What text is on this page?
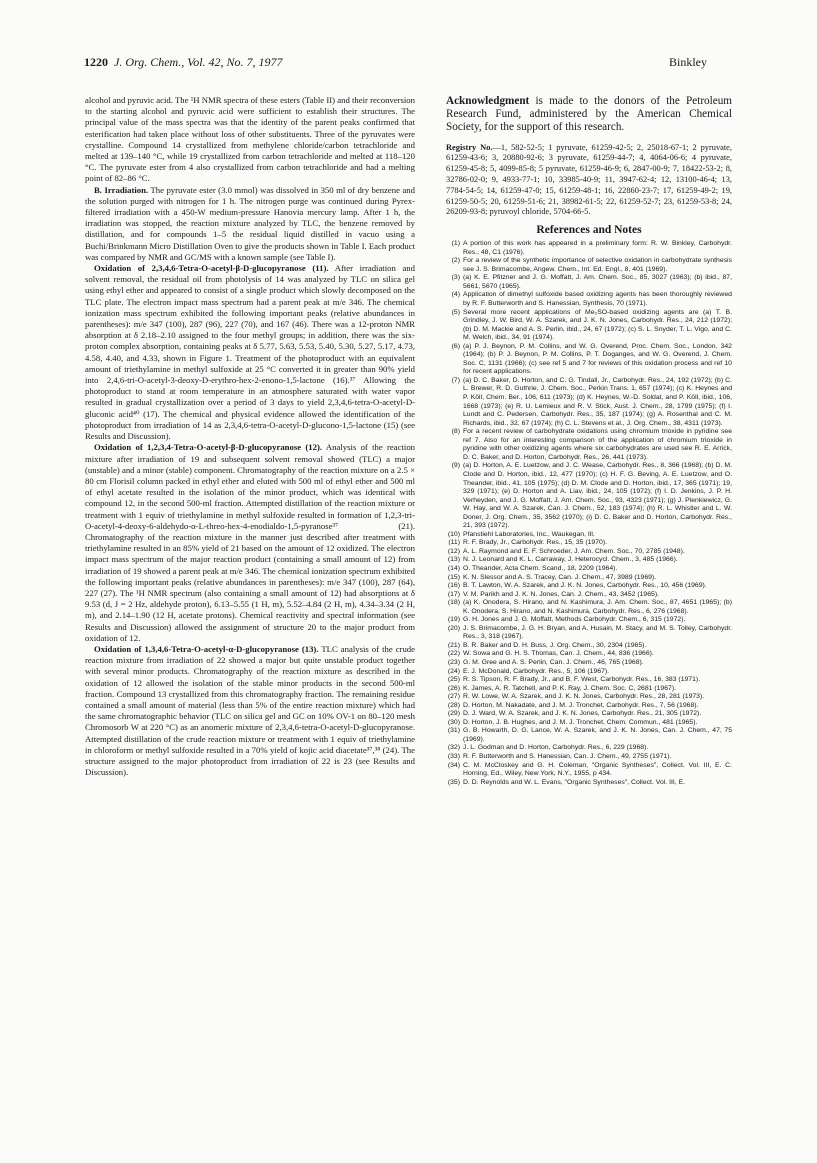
1220 J. Org. Chem., Vol. 42, No. 7, 1977	Binkley

alcohol and pyruvic acid. The ¹H NMR spectra of these esters (Table II) and their reconversion to the starting alcohol and pyruvic acid were sufficient to establish their structures. The principal value of the mass spectra was that the identity of the parent peaks confirmed that esterification had taken place without loss of other substituents. Three of the pyruvates were crystalline. Compound 14 crystallized from methylene chloride/carbon tetrachloride and melted at 139–140 °C, while 19 crystallized from carbon tetrachloride and melted at 118–120 °C. The pyruvate ester from 4 also crystallized from carbon tetrachloride and had a melting point of 82–86 °C.

B. Irradiation. The pyruvate ester (3.0 mmol) was dissolved in 350 ml of dry benzene and the solution purged with nitrogen for 1 h. The nitrogen purge was continued during Pyrex-filtered irradiation with a 450-W medium-pressure Hanovia mercury lamp. After 1 h, the irradiation was stopped, the reaction mixture analyzed by TLC, the benzene removed by distillation, and for compounds 1–5 the residual liquid distilled in vacuo using a Buchi/Brinkmann Micro Distillation Oven to give the products shown in Table I. Each product was compared by NMR and GC/MS with a known sample (see Table I).

Oxidation of 2,3,4,6-Tetra-O-acetyl-β-D-glucopyranose (11). After irradiation and solvent removal, the residual oil from photolysis of 14 was analyzed by TLC on silica gel using ethyl ether and appeared to consist of a single product which slowly decomposed on the TLC plate. The electron impact mass spectrum had a parent peak at m/e 346. The chemical ionization mass spectrum exhibited the following important peaks (relative abundances in parentheses): m/e 347 (100), 287 (96), 227 (70), and 167 (46). There was a 12-proton NMR absorption at δ 2.18–2.10 assigned to the four methyl groups; in addition, there was the six-proton complex absorption, containing peaks at δ 5.77, 5.63, 5.53, 5.40, 5.30, 5.27, 5.17, 4.73, 4.58, 4.40, and 4.33, shown in Figure 1. Treatment of the photoproduct with an equivalent amount of triethylamine in methyl sulfoxide at 25 °C converted it in greater than 90% yield into 2,4,6-tri-O-acetyl-3-deoxy-D-erythro-hex-2-enono-1,5-lactone (16).³⁷ Allowing the photoproduct to stand at room temperature in an atmosphere saturated with water vapor resulted in gradual crystallization over a period of 3 days to yield 2,3,4,6-tetra-O-acetyl-D-gluconic acid⁴⁰ (17). The chemical and physical evidence allowed the identification of the photoproduct from irradiation of 14 as 2,3,4,6-tetra-O-acetyl-D-glucono-1,5-lactone (15) (see Results and Discussion).

Oxidation of 1,2,3,4-Tetra-O-acetyl-β-D-glucopyranose (12). Analysis of the reaction mixture after irradiation of 19 and subsequent solvent removal showed (TLC) a major (unstable) and a minor (stable) component. Chromatography of the reaction mixture on a 2.5 × 80 cm Florisil column packed in ethyl ether and eluted with 500 ml of ethyl ether and 500 ml of ethyl acetate resulted in the isolation of the minor product, which was identical with compound 12, in the second 500-ml fraction. Attempted distillation of the reaction mixture or treatment with 1 equiv of triethylamine in methyl sulfoxide resulted in formation of 1,2,3-tri-O-acetyl-4-deoxy-6-aldehydo-α-L-threo-hex-4-enodialdo-1,5-pyranose³⁷ (21). Chromatography of the reaction mixture in the manner just described after treatment with triethylamine resulted in an 85% yield of 21 based on the amount of 12 oxidized. The electron impact mass spectrum of the major reaction product (containing a small amount of 12) from irradiation of 19 showed a parent peak at m/e 346. The chemical ionization spectrum exhibited the following important peaks (relative abundances in parentheses): m/e 347 (100), 287 (64), 227 (27). The ¹H NMR spectrum (also containing a small amount of 12) had absorptions at δ 9.53 (d, J = 2 Hz, aldehyde proton), 6.13–5.55 (1 H, m), 5.52–4.84 (2 H, m), 4.34–3.34 (2 H, m), and 2.14–1.90 (12 H, acetate protons). Chemical reactivity and spectral information (see Results and Discussion) allowed the assignment of structure 20 to the major product from oxidation of 12.

Oxidation of 1,3,4,6-Tetra-O-acetyl-α-D-glucopyranose (13). TLC analysis of the crude reaction mixture from irradiation of 22 showed a major but quite unstable product together with several minor products. Chromatography of the reaction mixture as described in the oxidation of 12 allowed the isolation of the stable minor products in the second 500-ml fraction. Compound 13 crystallized from this chromatography fraction. The remaining residue contained a small amount of material (less than 5% of the entire reaction mixture) which had the same chromatographic behavior (TLC on silica gel and GC on 10% OV-1 on 80–120 mesh Chromosorb W at 220 °C) as an anomeric mixture of 2,3,4,6-tetra-O-acetyl-D-glucopyranose. Attempted distillation of the crude reaction mixture or treatment with 1 equiv of triethylamine in chloroform or methyl sulfoxide resulted in a 70% yield of kojic acid diacetate³⁷,³⁸ (24). The structure assigned to the major photoproduct from irradiation of 22 is 23 (see Results and Discussion).

Acknowledgment is made to the donors of the Petroleum Research Fund, administered by the American Chemical Society, for the support of this research.

Registry No.—1, 582-52-5; 1 pyruvate, 61259-42-5; 2, 25018-67-1; 2 pyruvate, 61259-43-6; 3, 20880-92-6; 3 pyruvate, 61259-44-7; 4, 4064-06-6; 4 pyruvate, 61259-45-8; 5, 4099-85-8; 5 pyruvate, 61259-46-9; 6, 2847-00-9; 7, 18422-53-2; 8, 32786-02-0; 9, 4933-77-1; 10, 33985-40-9; 11, 3947-62-4; 12, 13100-46-4; 13, 7784-54-5; 14, 61259-47-0; 15, 61259-48-1; 16, 22860-23-7; 17, 61259-49-2; 19, 61259-50-5; 20, 61259-51-6; 21, 38982-61-5; 22, 61259-52-7; 23, 61259-53-8; 24, 26209-93-8; pyruvoyl chloride, 5704-66-5.

References and Notes
(1) A portion of this work has appeared in a preliminary form: R. W. Binkley, Carbohydr. Res., 48, C1 (1976).
(2) For a review of the synthetic importance of selective oxidation in carbohydrate synthesis see J. S. Brimacombe, Angew. Chem., Int. Ed. Engl., 8, 401 (1969).
(3) (a) K. E. Pfitzner and J. G. Moffatt, J. Am. Chem. Soc., 85, 3027 (1963); (b) ibid., 87, 5661, 5670 (1965).
(4) Application of dimethyl sulfoxide based oxidizing agents has been thoroughly reviewed by R. F. Butterworth and S. Hanessian, Synthesis, 70 (1971).
(5) Several more recent applications of Me₂SO-based oxidizing agents are (a) T. B. Grindley, J. W. Bird, W. A. Szarek, and J. K. N. Jones, Carbohydr. Res., 24, 212 (1972); (b) D. M. Mackie and A. S. Perlin, ibid., 24, 67 (1972); (c) S. L. Snyder, T. L. Vigo, and C. M. Welch, ibid., 34, 91 (1974).
(6) (a) P. J. Beynon, P. M. Collins, and W. G. Overend, Proc. Chem. Soc., London, 342 (1964); (b) P. J. Beynon, P. M. Collins, P. T. Doganges, and W. G. Overend, J. Chem. Soc. C, 1131 (1966); (c) see ref 5 and 7 for reviews of this oxidation process and ref 10 for recent applications.
(7) (a) D. C. Baker, D. Horton, and C. G. Tindall, Jr., Carbohydr. Res., 24, 192 (1972); (b) C. L. Brewer, R. D. Guthrie, J. Chem. Soc., Perkin Trans. 1, 657 (1974); (c) K. Heynes and P. Köll, Chem. Ber., 106, 611 (1973); (d) K. Heynes, W.-D. Soldat, and P. Köll, ibid., 106, 1668 (1973); (e) R. U. Lemieux and R. V. Stick, Aust. J. Chem., 28, 1799 (1975); (f) I. Lundt and C. Pedersen, Carbohydr. Res., 35, 187 (1974); (g) A. Rosenthal and C. M. Richards, ibid., 32, 67 (1974); (h) C. L. Stevens et al., J. Org. Chem., 38, 4311 (1973).
(8) For a recent review of carbohydrate oxidations using chromium trioxide in pyridine see ref 7. Also for an interesting comparison of the application of chromium trioxide in pyridine with other oxidizing agents where six carbohydrates are used see R. E. Arrick, D. C. Baker, and D. Horton, Carbohydr. Res., 26, 441 (1973).
(9) (a) D. Horton, A. E. Luetzow, and J. C. Wease, Carbohydr. Res., 8, 366 (1968); (b) D. M. Clode and D. Horton, ibid., 12, 477 (1970); (c) H. F. G. Beving, A. E. Luetzow, and O. Theander, ibid., 41, 105 (1975); (d) D. M. Clode and D. Horton, ibid., 17, 365 (1971); 19, 329 (1971); (e) D. Horton and A. Liav, ibid., 24, 105 (1972); (f) I. D. Jenkins, J. P. H. Verheyden, and J. G. Moffatt, J. Am. Chem. Soc., 93, 4323 (1971); (g) J. Plenkiewicz, G. W. Hay, and W. A. Szarek, Can. J. Chem., 52, 183 (1974); (h) R. L. Whistler and L. W. Doner, J. Org. Chem., 35, 3562 (1970); (i) D. C. Baker and D. Horton, Carbohydr. Res., 21, 393 (1972).
(10) Pfanstiehl Laboratories, Inc., Waukegan, Ill.
(11) R. F. Brady, Jr., Carbohydr. Res., 15, 35 (1970).
(12) A. L. Raymond and E. F. Schroeder, J. Am. Chem. Soc., 70, 2785 (1948).
(13) N. J. Leonard and K. L. Carraway, J. Heterocycl. Chem., 3, 485 (1966).
(14) O. Theander, Acta Chem. Scand., 18, 2209 (1964).
(15) K. N. Slessor and A. S. Tracey, Can. J. Chem., 47, 3989 (1969).
(16) B. T. Lawton, W. A. Szarek, and J. K. N. Jones, Carbohydr. Res., 10, 456 (1969).
(17) V. M. Parikh and J. K. N. Jones, Can. J. Chem., 43, 3452 (1965).
(18) (a) K. Onodera, S. Hirano, and N. Kashimura, J. Am. Chem. Soc., 87, 4651 (1965); (b) K. Onodera, S. Hirano, and N. Kashimura, Carbohydr. Res., 6, 276 (1968).
(19) G. H. Jones and J. G. Moffatt, Methods Carbohydr. Chem., 6, 315 (1972).
(20) J. S. Brimacombe, J. G. H. Bryan, and A. Husain, M. Stacy, and M. S. Tolley, Carbohydr. Res., 3, 318 (1967).
(21) B. R. Baker and D. H. Buss, J. Org. Chem., 30, 2304 (1965).
(22) W. Sowa and G. H. S. Thomas, Can. J. Chem., 44, 836 (1966).
(23) G. M. Gree and A. S. Perlin, Can. J. Chem., 46, 765 (1968).
(24) E. J. McDonald, Carbohydr. Res., 5, 106 (1967).
(25) R. S. Tipson, R. F. Brady, Jr., and B. F. West, Carbohydr. Res., 16, 383 (1971).
(26) K. James, A. R. Tatchell, and P. K. Ray, J. Chem. Soc. C, 2681 (1967).
(27) R. W. Lowe, W. A. Szarek, and J. K. N. Jones, Carbohydr. Res., 28, 281 (1973).
(28) D. Horton, M. Nakadate, and J. M. J. Tronchet, Carbohydr. Res., 7, 56 (1968).
(29) D. J. Ward, W. A. Szarek, and J. K. N. Jones, Carbohydr. Res., 21, 305 (1972).
(30) D. Horton, J. B. Hughes, and J. M. J. Tronchet, Chem. Commun., 481 (1965).
(31) G. B. Howarth, D. G. Lance, W. A. Szarek, and J. K. N. Jones, Can. J. Chem., 47, 75 (1969).
(32) J. L. Godman and D. Horton, Carbohydr. Res., 6, 229 (1968).
(33) R. F. Butterworth and S. Hanessian, Can. J. Chem., 49, 2755 (1971).
(34) C. M. McCloskey and G. H. Coleman, "Organic Syntheses", Collect. Vol. III, E. C. Horning, Ed., Wiley, New York, N.Y., 1955, p 434.
(35) D. D. Reynolds and W. L. Evans, "Organic Syntheses", Collect. Vol. III, E.
